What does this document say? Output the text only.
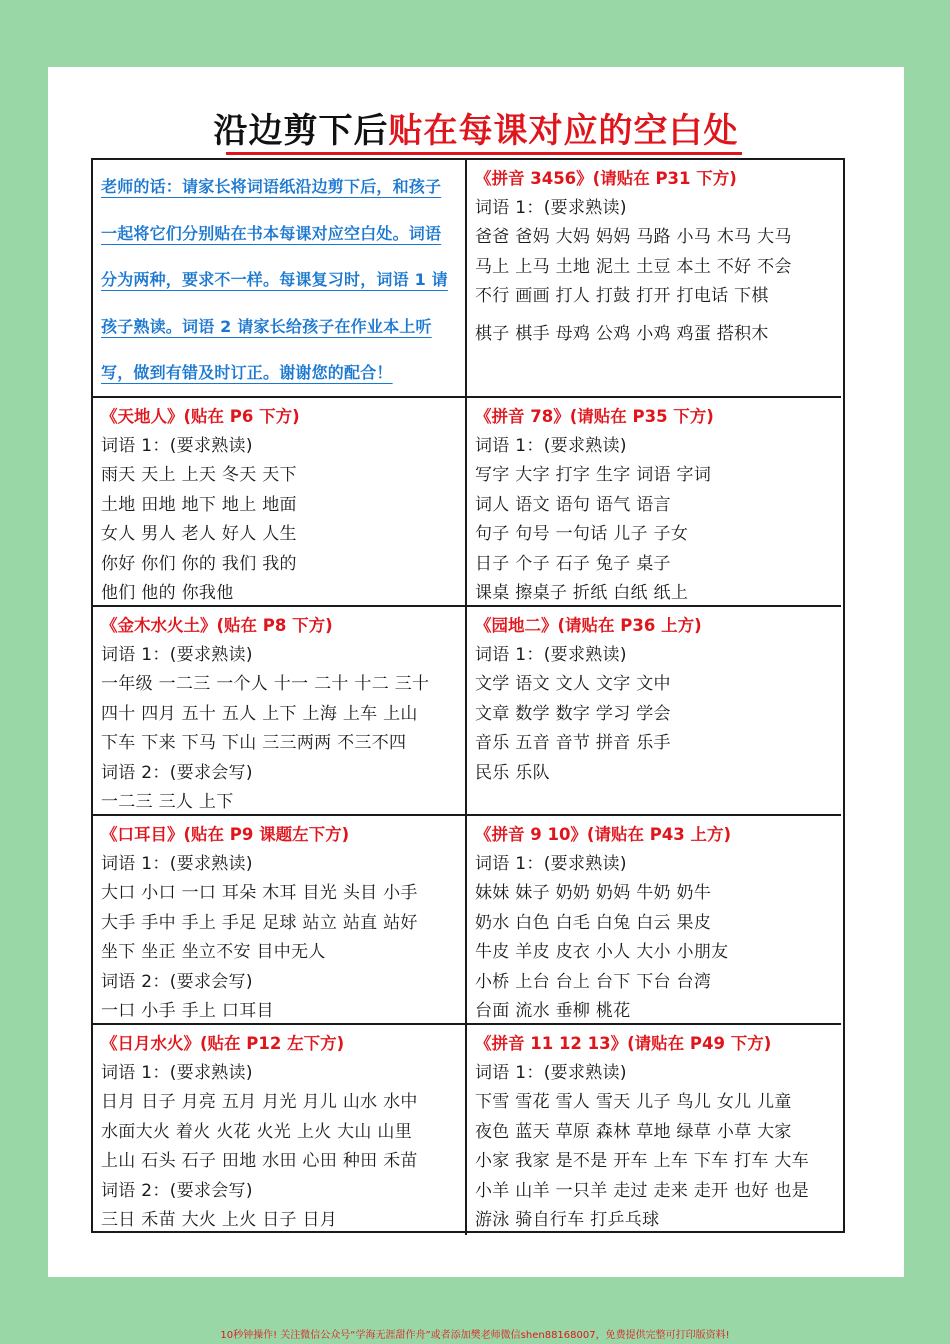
沿边剪下后贴在每课对应的空白处
老师的话：请家长将词语纸沿边剪下后，和孩子
一起将它们分别贴在书本每课对应空白处。词语
分为两种，要求不一样。每课复习时，词语 1 请
孩子熟读。词语 2 请家长给孩子在作业本上听
写，做到有错及时订正。谢谢您的配合！
《拼音 3456》(请贴在 P31 下方)
词语 1：(要求熟读)
爸爸 爸妈 大妈 妈妈 马路 小马 木马 大马
马上 上马 土地 泥土 土豆 本土 不好 不会
不行 画画 打人 打鼓 打开 打电话 下棋
棋子 棋手 母鸡 公鸡 小鸡 鸡蛋 搭积木
《天地人》(贴在 P6 下方)
词语 1：(要求熟读)
雨天 天上 上天 冬天 天下
土地 田地 地下 地上 地面
女人 男人 老人 好人 人生
你好 你们 你的 我们 我的
他们 他的 你我他
《拼音 78》(请贴在 P35 下方)
词语 1：(要求熟读)
写字 大字 打字 生字 词语 字词
词人 语文 语句 语气 语言
句子 句号 一句话 儿子 子女
日子 个子 石子 兔子 桌子
课桌 擦桌子 折纸 白纸 纸上
《金木水火土》(贴在 P8 下方)
词语 1：(要求熟读)
一年级 一二三 一个人 十一 二十 十二 三十
四十 四月 五十 五人 上下 上海 上车 上山
下车 下来 下马 下山 三三两两 不三不四
词语 2：(要求会写)
一二三 三人 上下
《园地二》(请贴在 P36 上方)
词语 1：(要求熟读)
文学 语文 文人 文字 文中
文章 数学 数字 学习 学会
音乐 五音 音节 拼音 乐手
民乐 乐队
《口耳目》(贴在 P9 课题左下方)
词语 1：(要求熟读)
大口 小口 一口 耳朵 木耳 目光 头目 小手
大手 手中 手上 手足 足球 站立 站直 站好
坐下 坐正 坐立不安 目中无人
词语 2：(要求会写)
一口 小手 手上 口耳目
《拼音 9 10》(请贴在 P43 上方)
词语 1：(要求熟读)
妹妹 妹子 奶奶 奶妈 牛奶 奶牛
奶水 白色 白毛 白兔 白云 果皮
牛皮 羊皮 皮衣 小人 大小 小朋友
小桥 上台 台上 台下 下台 台湾
台面 流水 垂柳 桃花
《日月水火》(贴在 P12 左下方)
词语 1：(要求熟读)
日月 日子 月亮 五月 月光 月儿 山水 水中
水面大火 着火 火花 火光 上火 大山 山里
上山 石头 石子 田地 水田 心田 种田 禾苗
词语 2：(要求会写)
三日 禾苗 大火 上火 日子 日月
《拼音 11 12 13》(请贴在 P49 下方)
词语 1：(要求熟读)
下雪 雪花 雪人 雪天 儿子 鸟儿 女儿 儿童
夜色 蓝天 草原 森林 草地 绿草 小草 大家
小家 我家 是不是 开车 上车 下车 打车 大车
小羊 山羊 一只羊 走过 走来 走开 也好 也是
游泳 骑自行车 打乒乓球
10秒钟操作! 关注微信公众号“学海无涯甜作舟”或者添加樊老师微信shen88168007，免费提供完整可打印版资料!
